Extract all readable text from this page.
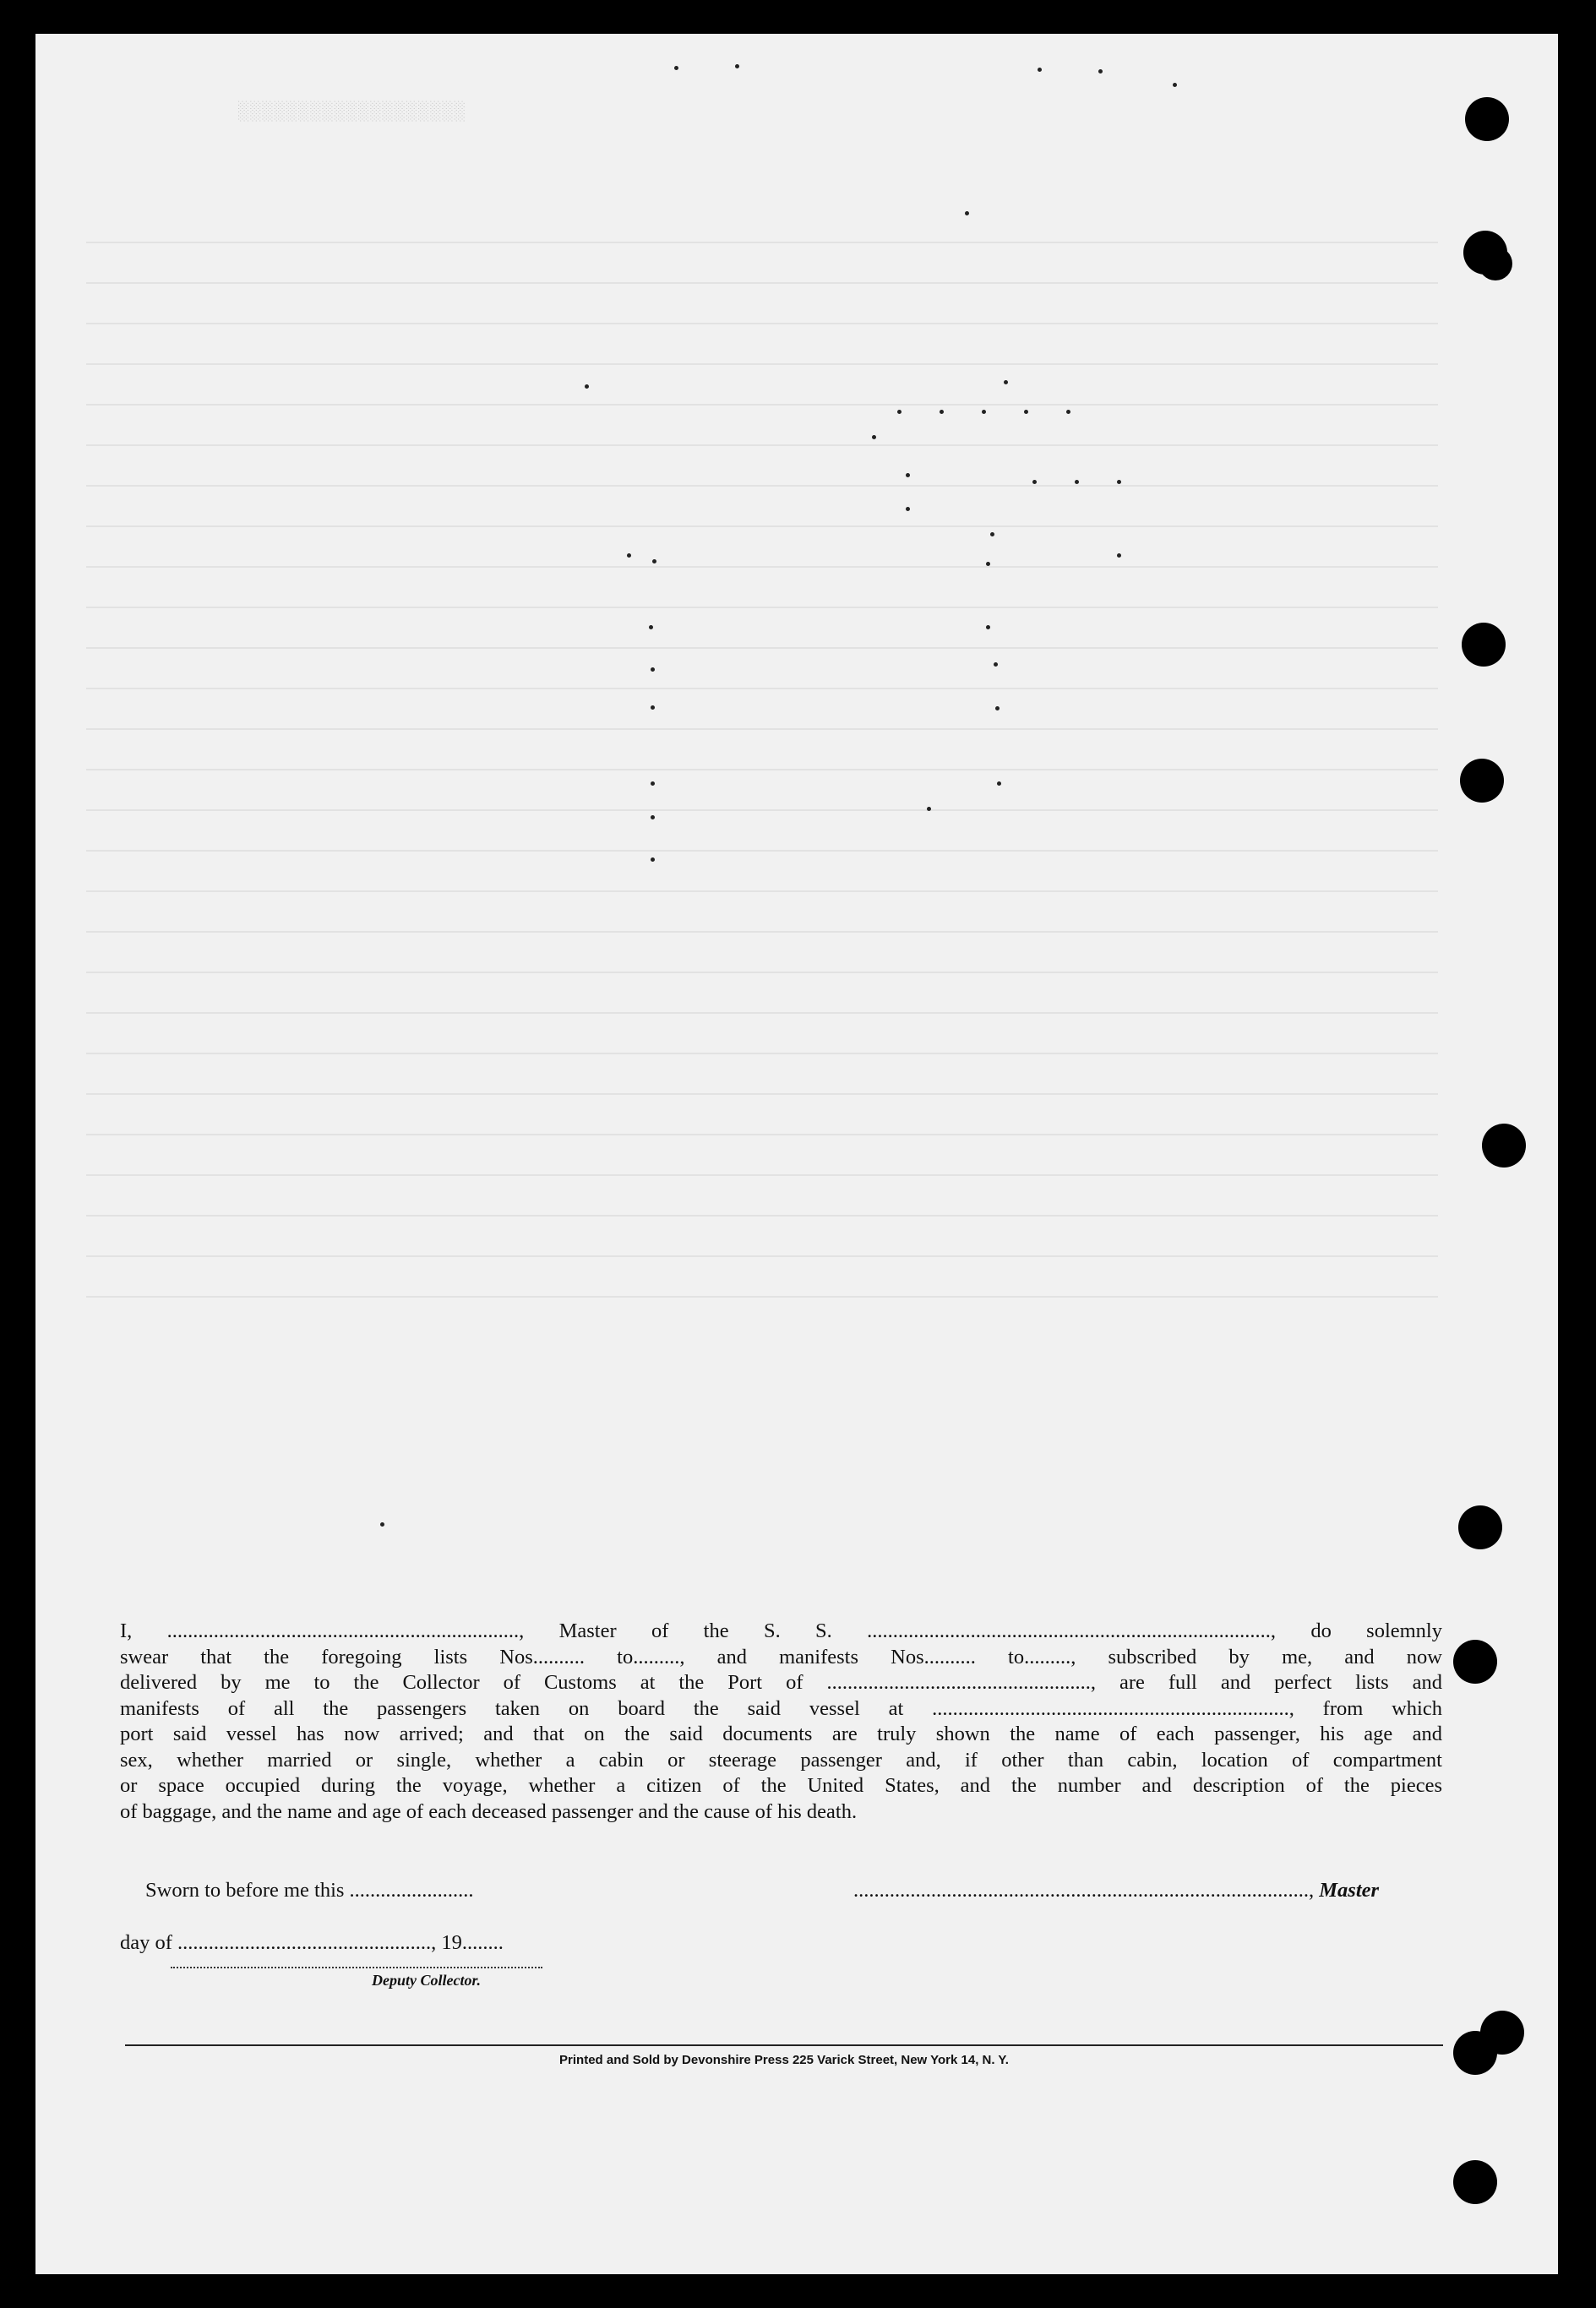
░░░░░░░░░░░░░░░░░░░
I, ...................................................................., Master of the S. S. .............................................................................., do solemnly
swear that the foregoing lists Nos.......... to........., and manifests Nos.......... to........., subscribed by me, and now
delivered by me to the Collector of Customs at the Port of ..................................................., are full and perfect lists and
manifests of all the passengers taken on board the said vessel at ....................................................................., from which
port said vessel has now arrived; and that on the said documents are truly shown the name of each passenger, his age and
sex, whether married or single, whether a cabin or steerage passenger and, if other than cabin, location of compartment
or space occupied during the voyage, whether a citizen of the United States, and the number and description of the pieces
of baggage, and the name and age of each deceased passenger and the cause of his death.
Sworn to before me this ........................	........................................................................................, Master
day of ................................................., 19........
Deputy Collector.
Printed and Sold by Devonshire Press 225 Varick Street, New York 14, N. Y.
